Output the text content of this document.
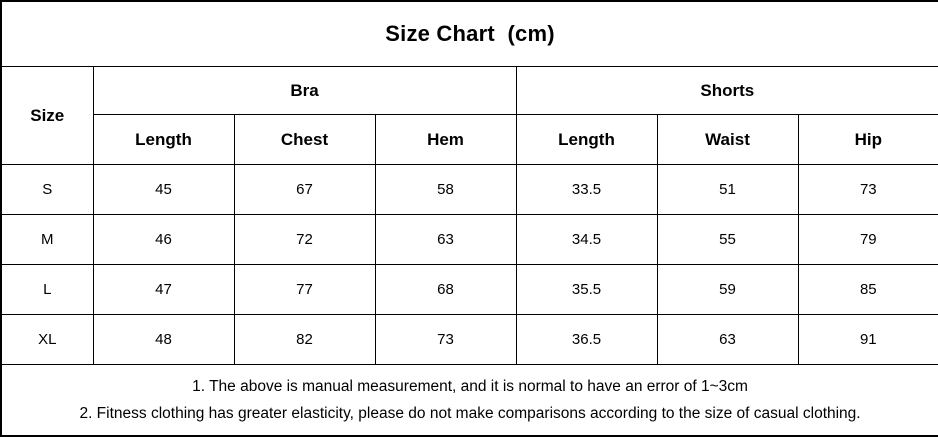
Size Chart  (cm)						
Size	Bra			Shorts		
	Length	Chest	Hem	Length	Waist	Hip
S	45	67	58	33.5	51	73
M	46	72	63	34.5	55	79
L	47	77	68	35.5	59	85
XL	48	82	73	36.5	63	91

1. The above is manual measurement, and it is normal to have an error of 1~3cm
2. Fitness clothing has greater elasticity, please do not make comparisons according to the size of casual clothing.						
